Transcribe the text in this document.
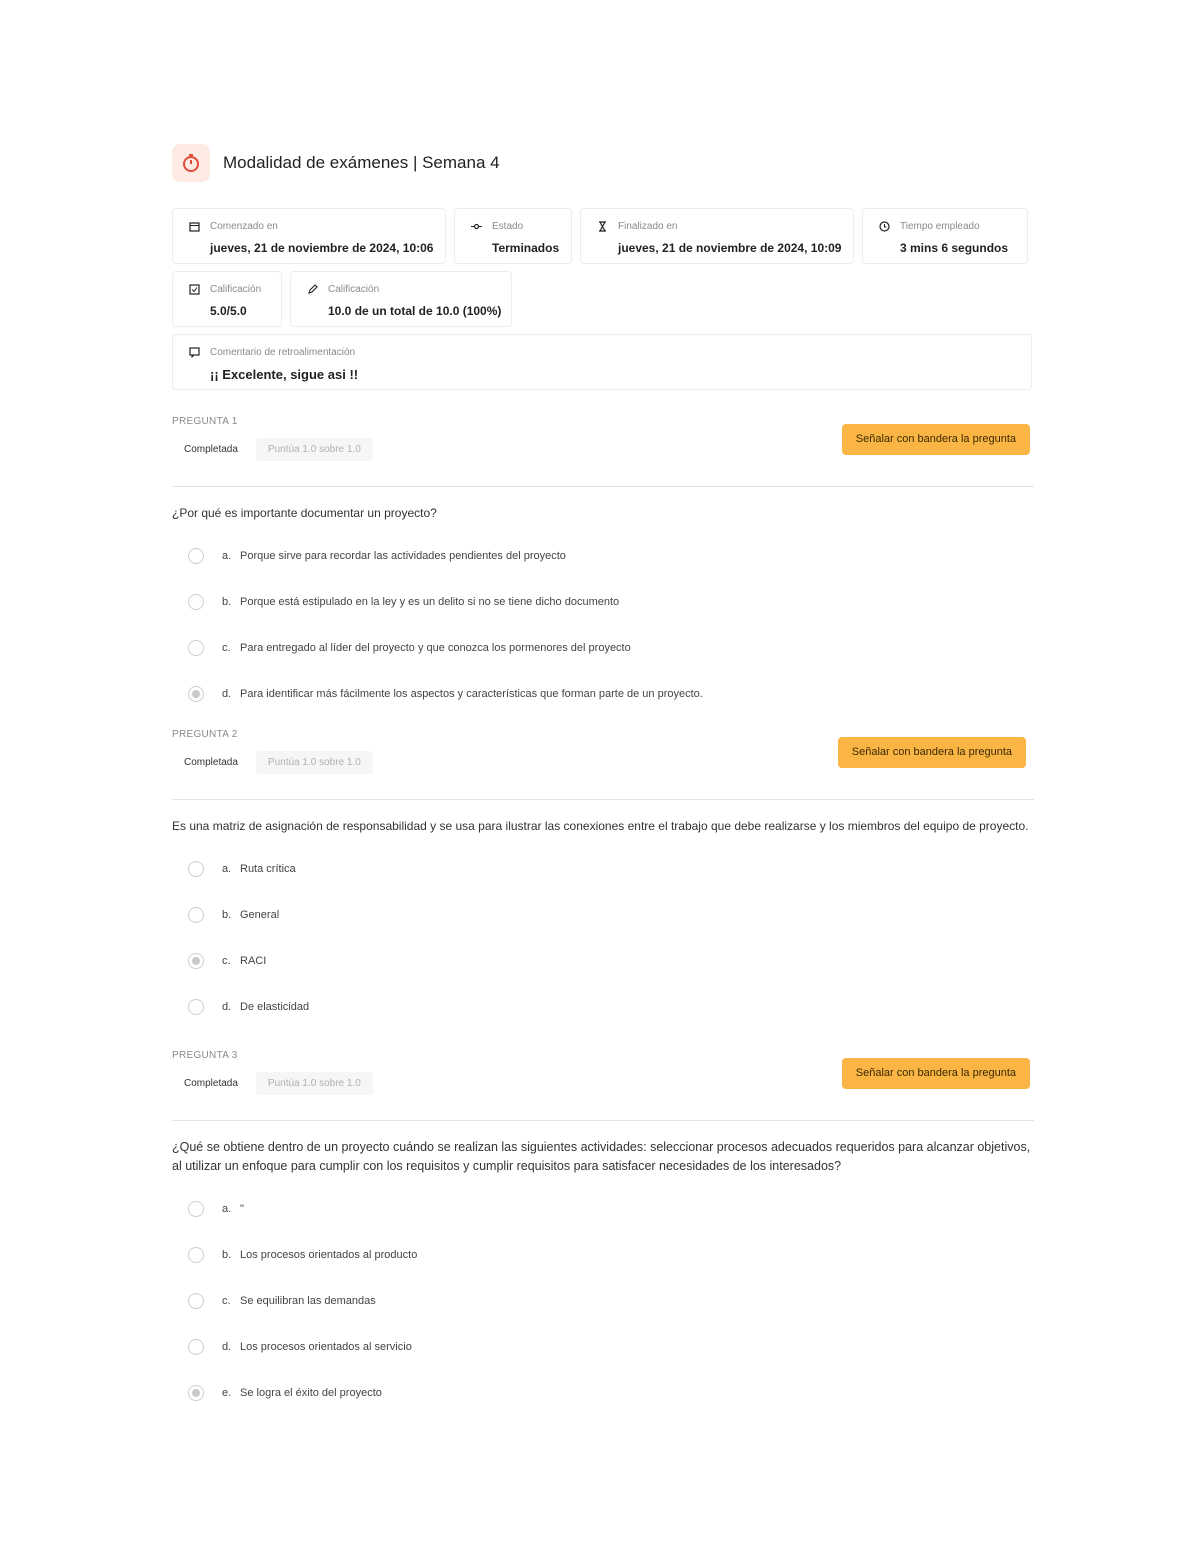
Modalidad de exámenes | Semana 4
Comenzado en
jueves, 21 de noviembre de 2024, 10:06
Estado
Terminados
Finalizado en
jueves, 21 de noviembre de 2024, 10:09
Tiempo empleado
3 mins 6 segundos
Calificación
5.0/5.0
Calificación
10.0 de un total de 10.0 (100%)
Comentario de retroalimentación
¡¡ Excelente, sigue asi !!
PREGUNTA 1
Completada	Puntúa 1.0 sobre 1.0
Señalar con bandera la pregunta
¿Por qué es importante documentar un proyecto?
a. Porque sirve para recordar las actividades pendientes del proyecto
b. Porque está estipulado en la ley y es un delito si no se tiene dicho documento
c. Para entregado al líder del proyecto y que conozca los pormenores del proyecto
d. Para identificar más fácilmente los aspectos y características que forman parte de un proyecto.
PREGUNTA 2
Completada	Puntúa 1.0 sobre 1.0
Señalar con bandera la pregunta
Es una matriz de asignación de responsabilidad y se usa para ilustrar las conexiones entre el trabajo que debe realizarse y los miembros del equipo de proyecto.
a. Ruta crítica
b. General
c. RACI
d. De elasticidad
PREGUNTA 3
Completada	Puntúa 1.0 sobre 1.0
Señalar con bandera la pregunta
¿Qué se obtiene dentro de un proyecto cuándo se realizan las siguientes actividades: seleccionar procesos adecuados requeridos para alcanzar objetivos, al utilizar un enfoque para cumplir con los requisitos y cumplir requisitos para satisfacer necesidades de los interesados?
a. "
b. Los procesos orientados al producto
c. Se equilibran las demandas
d. Los procesos orientados al servicio
e. Se logra el éxito del proyecto
